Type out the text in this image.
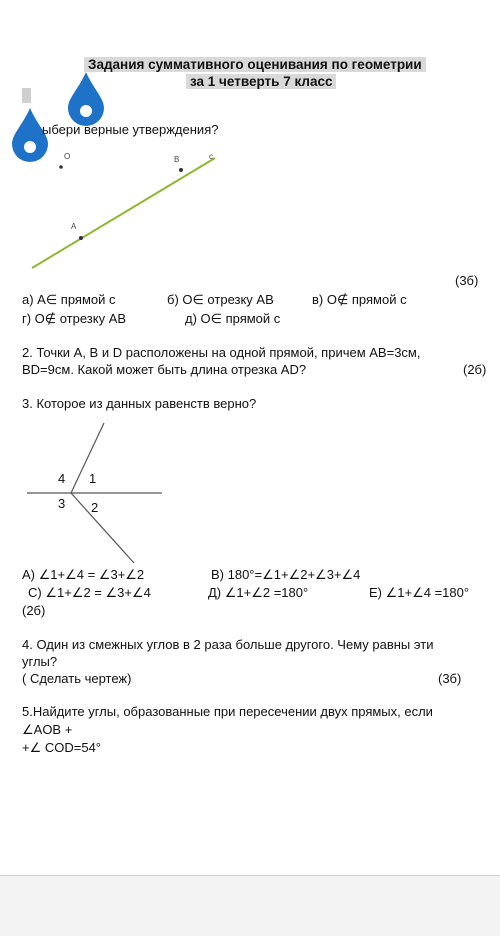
Задания суммативного оценивания по геометрии
за 1 четверть 7 класс
ыбери верные утверждения?
O	B	c
A
(3б)
а) A∈ прямой с	б) O∈ отрезку AB	в) O∉ прямой с
г) O∉ отрезку AB	д) O∈ прямой с
2. Точки А, В и D расположены на одной прямой, причем АВ=3см,
BD=9см. Какой может быть длина отрезка AD?	(2б)
3. Которое из данных равенств верно?
4 1
3 2
A) ∠1+∠4 = ∠3+∠2	B) 180°=∠1+∠2+∠3+∠4
C) ∠1+∠2 = ∠3+∠4	Д) ∠1+∠2 =180°	E) ∠1+∠4 =180°
(2б)
4. Один из смежных углов в 2 раза больше другого. Чему равны эти
углы?
( Сделать чертеж)	(3б)
5.Найдите углы, образованные при пересечении двух прямых, если
∠AOB +
+∠ COD=54°
